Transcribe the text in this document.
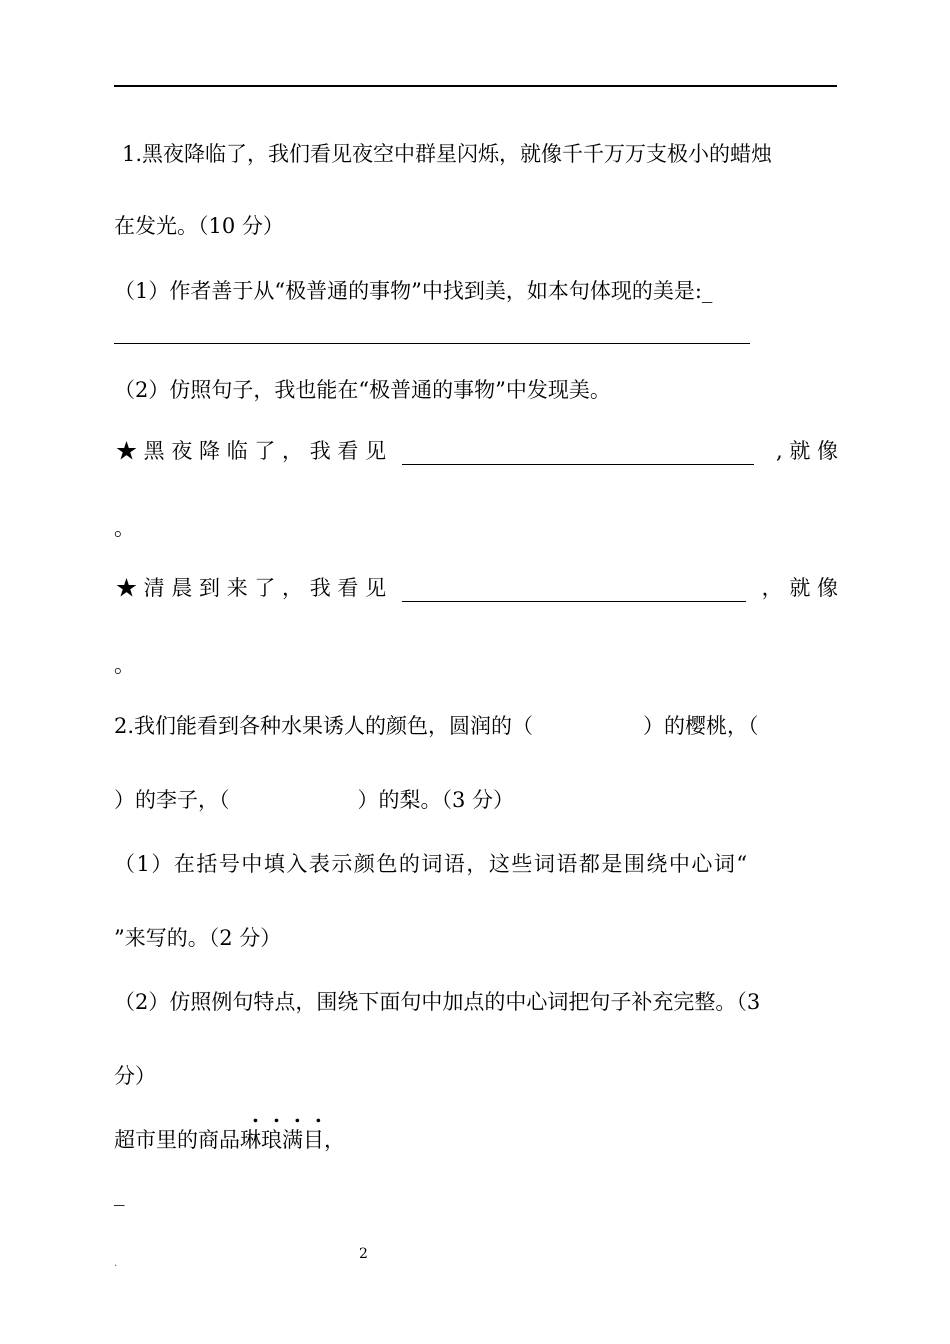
1.黑夜降临了，我们看见夜空中群星闪烁，就像千千万万支极小的蜡烛
在发光。（10 分）
（1）作者善于从“极普通的事物”中找到美，如本句体现的美是:_
（2）仿照句子，我也能在“极普通的事物”中发现美。
★ 黑 夜 降 临 了 ， 我 看 见	, 就 像
。
★ 清 晨 到 来 了 ， 我 看 见	， 就 像
。
2.我们能看到各种水果诱人的颜色，圆润的（	）的樱桃，（
）的李子，（	）的梨。（3 分）
（1）在括号中填入表示颜色的词语，这些词语都是围绕中心词“
”来写的。（2 分）
（2）仿照例句特点，围绕下面句中加点的中心词把句子补充完整。（3
分）
....
超市里的商品琳琅满目，
_
.
2
